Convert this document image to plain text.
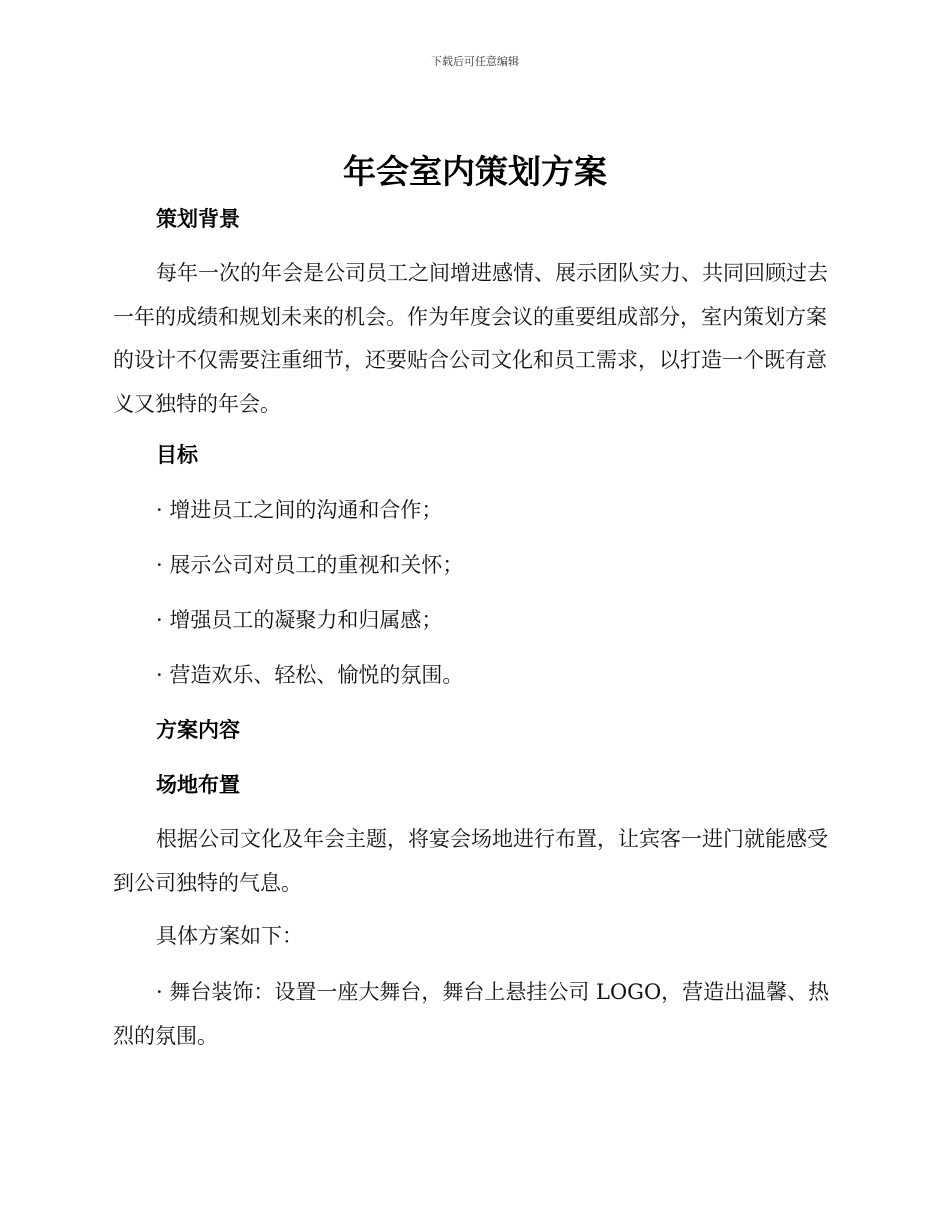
下载后可任意编辑
年会室内策划方案
策划背景
每年一次的年会是公司员工之间增进感情、展示团队实力、共同回顾过去一年的成绩和规划未来的机会。作为年度会议的重要组成部分，室内策划方案的设计不仅需要注重细节，还要贴合公司文化和员工需求，以打造一个既有意义又独特的年会。
目标
· 增进员工之间的沟通和合作；
· 展示公司对员工的重视和关怀；
· 增强员工的凝聚力和归属感；
· 营造欢乐、轻松、愉悦的氛围。
方案内容
场地布置
根据公司文化及年会主题，将宴会场地进行布置，让宾客一进门就能感受到公司独特的气息。
具体方案如下：
· 舞台装饰：设置一座大舞台，舞台上悬挂公司 LOGO，营造出温馨、热烈的氛围。
